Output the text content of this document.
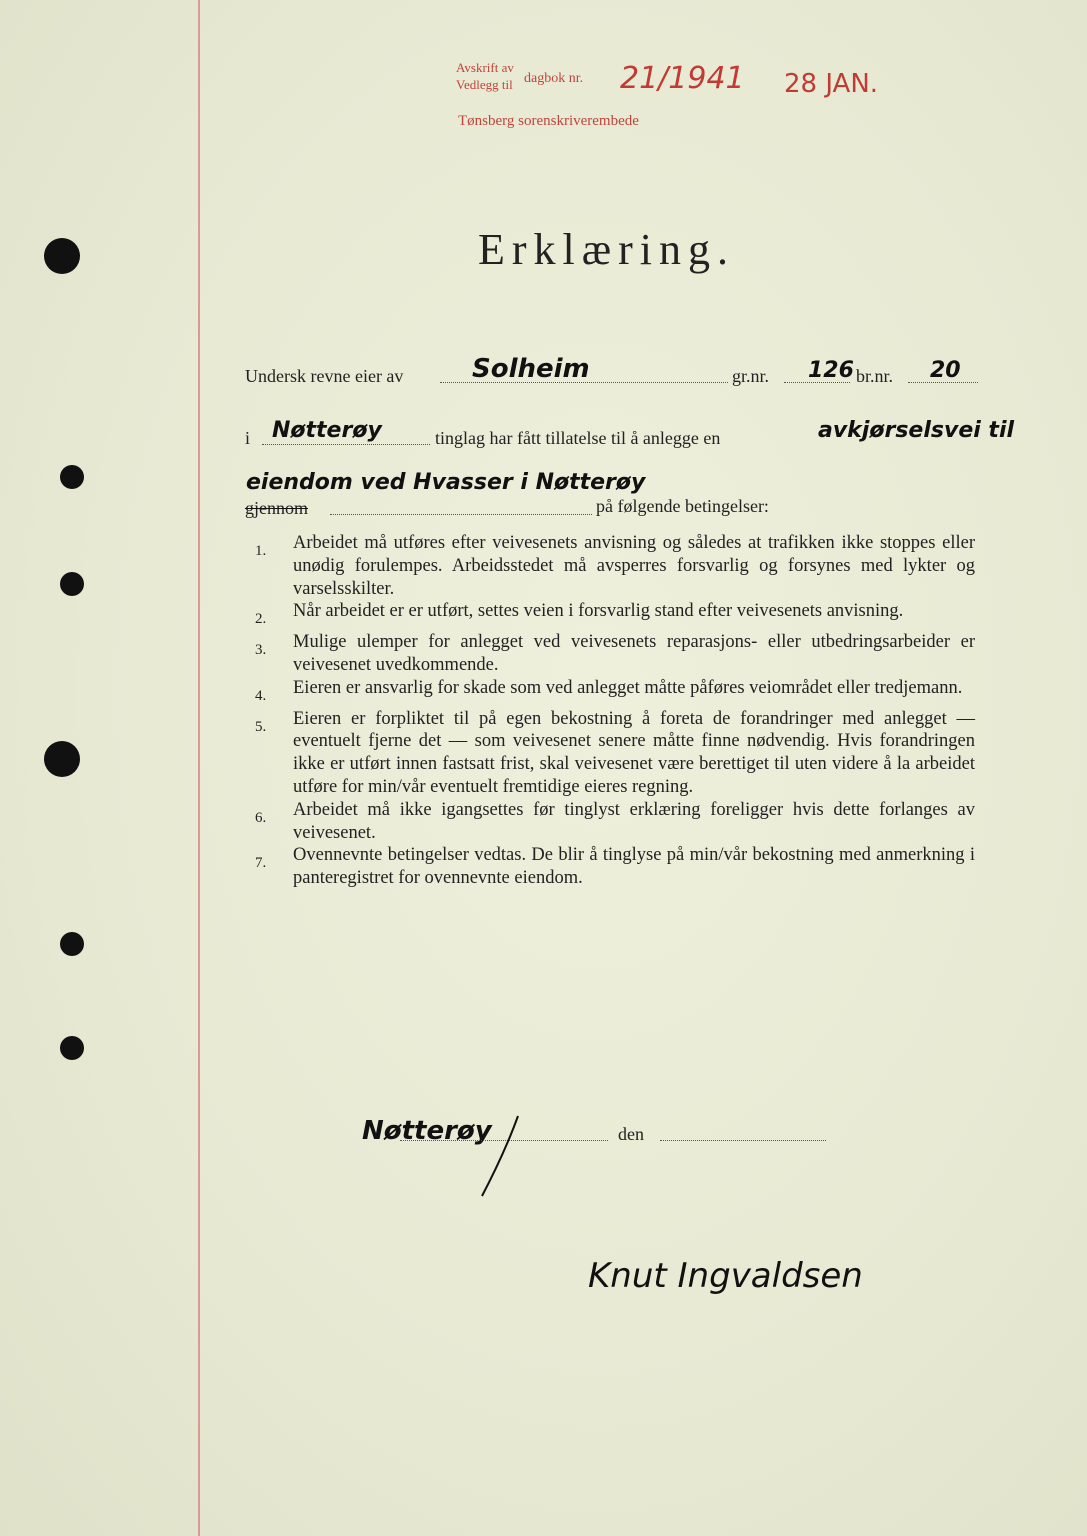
Avskrift av
Vedlegg til dagbok nr. 21/1941 28 JAN.
Tønsberg sorenskriverembede
Erklæring.
Undersk revne eier av	Solheim	gr.nr. 126 br.nr. 20
i Nøtterøy	tinglag har fått tillatelse til å anlegge en	avkjørselsvei til
eiendom ved Hvasser i Nøtterøy
gjennom	på følgende betingelser:
1.	Arbeidet må utføres efter veivesenets anvisning og således at trafikken ikke stoppes eller unødig forulempes. Arbeidsstedet må avsperres forsvarlig og forsynes med lykter og varselsskilter.
2.	Når arbeidet er er utført, settes veien i forsvarlig stand efter veivesenets anvisning.
3.	Mulige ulemper for anlegget ved veivesenets reparasjons- eller utbedringsarbeider er veivesenet uvedkommende.
4.	Eieren er ansvarlig for skade som ved anlegget måtte påføres veiområdet eller tredjemann.
5.	Eieren er forpliktet til på egen bekostning å foreta de forandringer med anlegget — eventuelt fjerne det — som veivesenet senere måtte finne nødvendig. Hvis forandringen ikke er utført innen fastsatt frist, skal veivesenet være berettiget til uten videre å la arbeidet utføre for min/vår eventuelt fremtidige eieres regning.
6.	Arbeidet må ikke igangsettes før tinglyst erklæring foreligger hvis dette forlanges av veivesenet.
7.	Ovennevnte betingelser vedtas. De blir å tinglyse på min/vår bekostning med anmerkning i panteregistret for ovennevnte eiendom.
Nøtterøy	den
Knut Ingvaldsen
